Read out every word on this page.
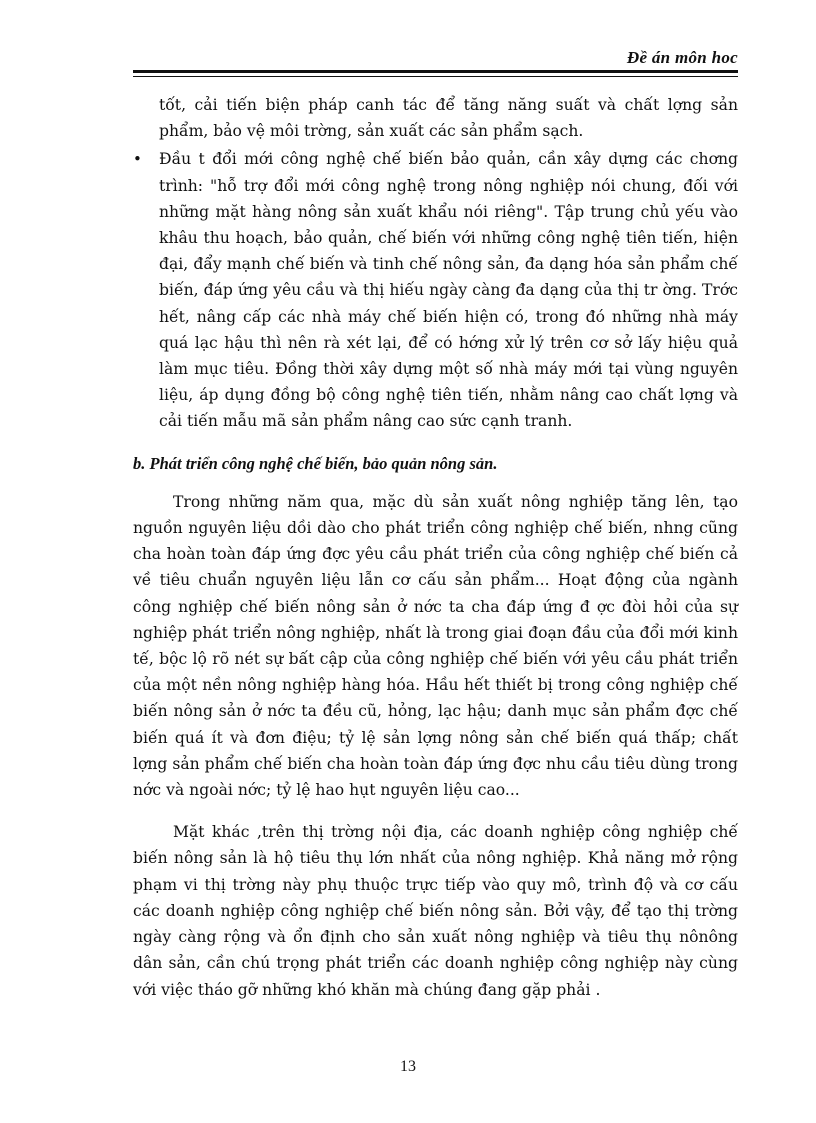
Đề án môn hoc

tốt, cải tiến biện pháp canh tác để tăng năng suất và chất lợng sản phẩm, bảo vệ môi trờng, sản xuất các sản phẩm sạch.

• Đầu t đổi mới công nghệ chế biến bảo quản, cần xây dựng các chơng trình: "hỗ trợ đổi mới công nghệ trong nông nghiệp nói chung, đối với những mặt hàng nông sản xuất khẩu nói riêng". Tập trung chủ yếu vào khâu thu hoạch, bảo quản, chế biến với những công nghệ tiên tiến, hiện đại, đẩy mạnh chế biến và tinh chế nông sản, đa dạng hóa sản phẩm chế biến, đáp ứng yêu cầu và thị hiếu ngày càng đa dạng của thị tr ờng. Trớc hết, nâng cấp các nhà máy chế biến hiện có, trong đó những nhà máy quá lạc hậu thì nên rà xét lại, để có hớng xử lý trên cơ sở lấy hiệu quả làm mục tiêu. Đồng thời xây dựng một số nhà máy mới tại vùng nguyên liệu, áp dụng đồng bộ công nghệ tiên tiến, nhằm nâng cao chất lợng và cải tiến mẫu mã sản phẩm nâng cao sức cạnh tranh.

b. Phát triển công nghệ chế biến, bảo quản nông sản.

Trong những năm qua, mặc dù sản xuất nông nghiệp tăng lên, tạo nguồn nguyên liệu dồi dào cho phát triển công nghiệp chế biến, nhng cũng cha hoàn toàn đáp ứng đợc yêu cầu phát triển của công nghiệp chế biến cả về tiêu chuẩn nguyên liệu lẫn cơ cấu sản phẩm... Hoạt động của ngành công nghiệp chế biến nông sản ở nớc ta cha đáp ứng đ ợc đòi hỏi của sự nghiệp phát triển nông nghiệp, nhất là trong giai đoạn đầu của đổi mới kinh tế, bộc lộ rõ nét sự bất cập của công nghiệp chế biến với yêu cầu phát triển của một nền nông nghiệp hàng hóa. Hầu hết thiết bị trong công nghiệp chế biến nông sản ở nớc ta đều cũ, hỏng, lạc hậu; danh mục sản phẩm đợc chế biến quá ít và đơn điệu; tỷ lệ sản lợng nông sản chế biến quá thấp; chất lợng sản phẩm chế biến cha hoàn toàn đáp ứng đợc nhu cầu tiêu dùng trong nớc và ngoài nớc; tỷ lệ hao hụt nguyên liệu cao...

Mặt khác ,trên thị trờng nội địa, các doanh nghiệp công nghiệp chế biến nông sản là hộ tiêu thụ lớn nhất của nông nghiệp. Khả năng mở rộng phạm vi thị trờng này phụ thuộc trực tiếp vào quy mô, trình độ và cơ cấu các doanh nghiệp công nghiệp chế biến nông sản. Bởi vậy, để tạo thị trờng ngày càng rộng và ổn định cho sản xuất nông nghiệp và tiêu thụ nônông dân sản, cần chú trọng phát triển các doanh nghiệp công nghiệp này cùng với việc tháo gỡ những khó khăn mà chúng đang gặp phải .

13
